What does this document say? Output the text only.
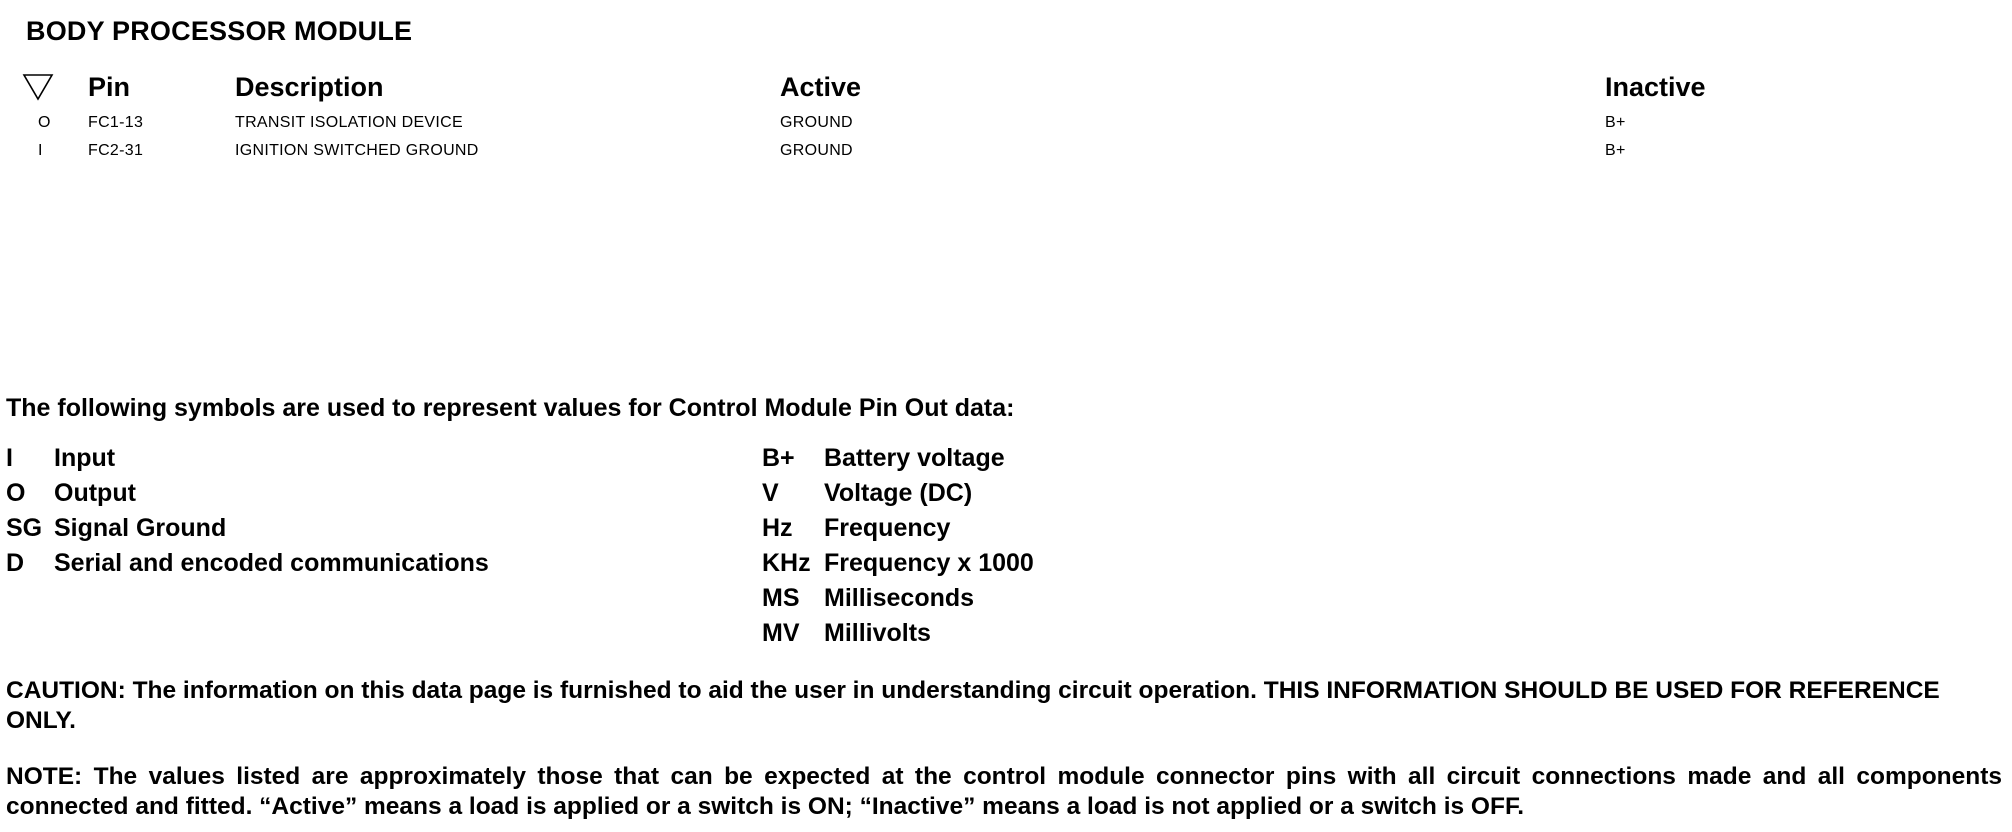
BODY PROCESSOR MODULE
Pin	Description	Active	Inactive
O FC1-13	TRANSIT ISOLATION DEVICE	GROUND	B+
I	FC2-31	IGNITION SWITCHED GROUND	GROUND	B+
The following symbols are used to represent values for Control Module Pin Out data:
I Input
O Output
SG Signal Ground
D Serial and encoded communications
B+ Battery voltage
V Voltage (DC)
Hz Frequency
KHz Frequency x 1000
MS Milliseconds
MV Millivolts
CAUTION: The information on this data page is furnished to aid the user in understanding circuit operation. THIS INFORMATION SHOULD BE USED FOR REFERENCE ONLY.
NOTE: The values listed are approximately those that can be expected at the control module connector pins with all circuit connections made and all components connected and fitted. “Active” means a load is applied or a switch is ON; “Inactive” means a load is not applied or a switch is OFF.
